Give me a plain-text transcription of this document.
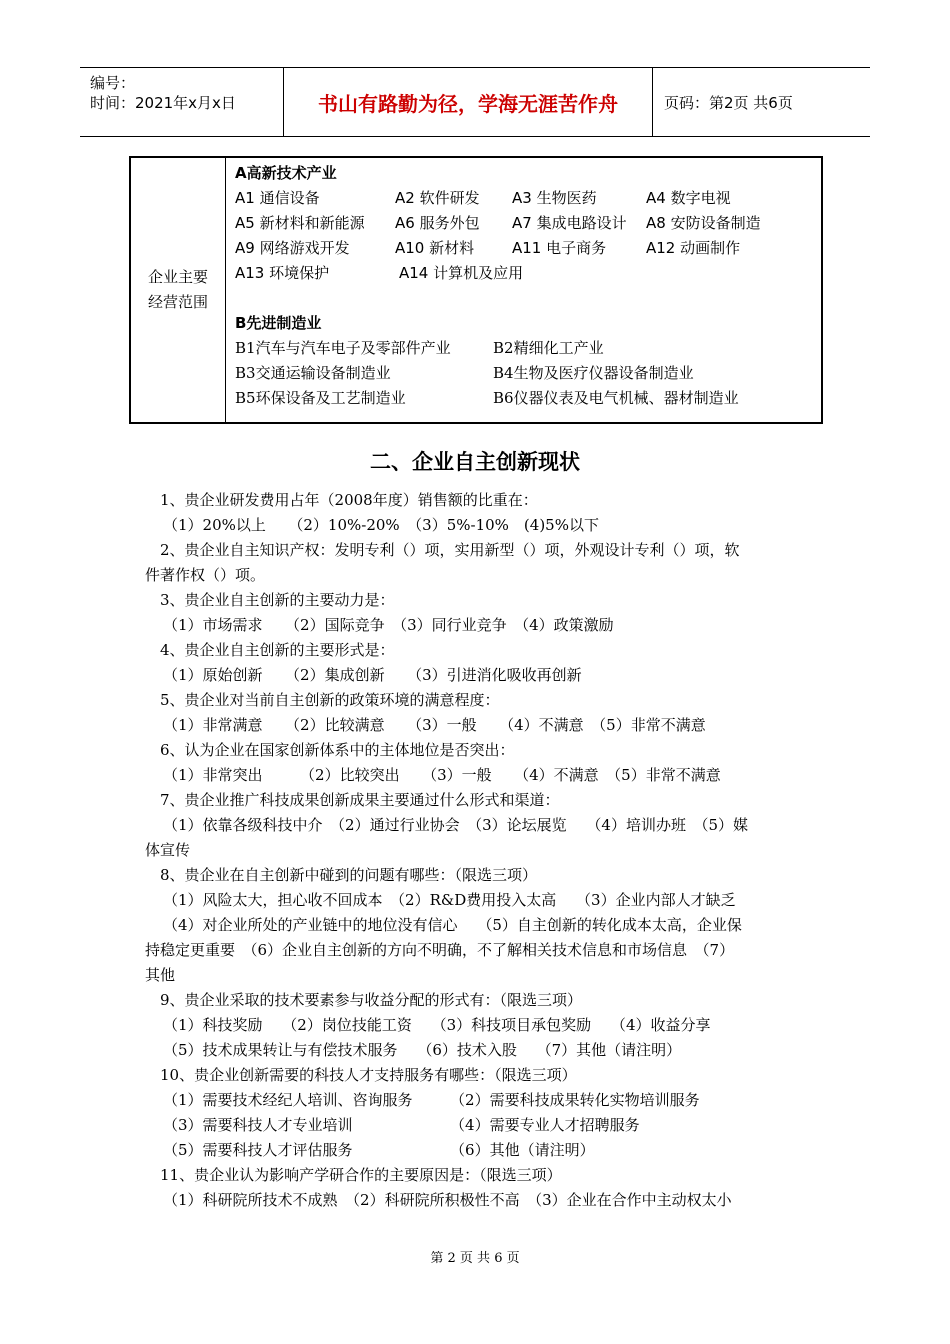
编号：
时间：2021年x月x日	书山有路勤为径，学海无涯苦作舟	页码：第2页 共6页
企业主要
经营范围
A高新技术产业
A1 通信设备	A2 软件研发 A3 生物医药	A4 数字电视
A5 新材料和新能源 A6 服务外包 A7 集成电路设计 A8 安防设备制造
A9 网络游戏开发	A10 新材料	A11 电子商务	A12 动画制作
A13 环境保护	A14 计算机及应用
B先进制造业
B1汽车与汽车电子及零部件产业	B2精细化工产业
B3交通运输设备制造业	B4生物及医疗仪器设备制造业
B5环保设备及工艺制造业	B6仪器仪表及电气机械、器材制造业
二、企业自主创新现状
1、贵企业研发费用占年（2008年度）销售额的比重在：
（1）20%以上　　（2）10%-20%　（3）5%-10%　(4)5%以下
2、贵企业自主知识产权：发明专利（）项，实用新型（）项，外观设计专利（）项，软
件著作权（）项。
3、贵企业自主创新的主要动力是：
（1）市场需求　　（2）国际竞争　（3）同行业竞争　（4）政策激励
4、贵企业自主创新的主要形式是：
（1）原始创新　　（2）集成创新　　（3）引进消化吸收再创新
5、贵企业对当前自主创新的政策环境的满意程度：
（1）非常满意　　（2）比较满意　　（3）一般　　（4）不满意　（5）非常不满意
6、认为企业在国家创新体系中的主体地位是否突出：
（1）非常突出　　　（2）比较突出　　（3）一般　　（4）不满意　（5）非常不满意
7、贵企业推广科技成果创新成果主要通过什么形式和渠道：
（1）依靠各级科技中介　（2）通过行业协会　（3）论坛展览　 （4）培训办班　（5）媒
体宣传
8、贵企业在自主创新中碰到的问题有哪些：（限选三项）
（1）风险太大，担心收不回成本　（2）R&D费用投入太高　 （3）企业内部人才缺乏
（4）对企业所处的产业链中的地位没有信心　 （5）自主创新的转化成本太高，企业保
持稳定更重要　（6）企业自主创新的方向不明确，不了解相关技术信息和市场信息　（7）
其他
9、贵企业采取的技术要素参与收益分配的形式有：（限选三项）
（1）科技奖励　 （2）岗位技能工资　 （3）科技项目承包奖励　 （4）收益分享
（5）技术成果转让与有偿技术服务　 （6）技术入股　 （7）其他（请注明）
10、贵企业创新需要的科技人才支持服务有哪些：（限选三项）
（1）需要技术经纪人培训、咨询服务　　　（2）需要科技成果转化实物培训服务
（3）需要科技人才专业培训　　　　　　　（4）需要专业人才招聘服务
（5）需要科技人才评估服务　　　　　　　（6）其他（请注明）
11、贵企业认为影响产学研合作的主要原因是：（限选三项）
（1）科研院所技术不成熟　（2）科研院所积极性不高　（3）企业在合作中主动权太小
第 2 页 共 6 页
